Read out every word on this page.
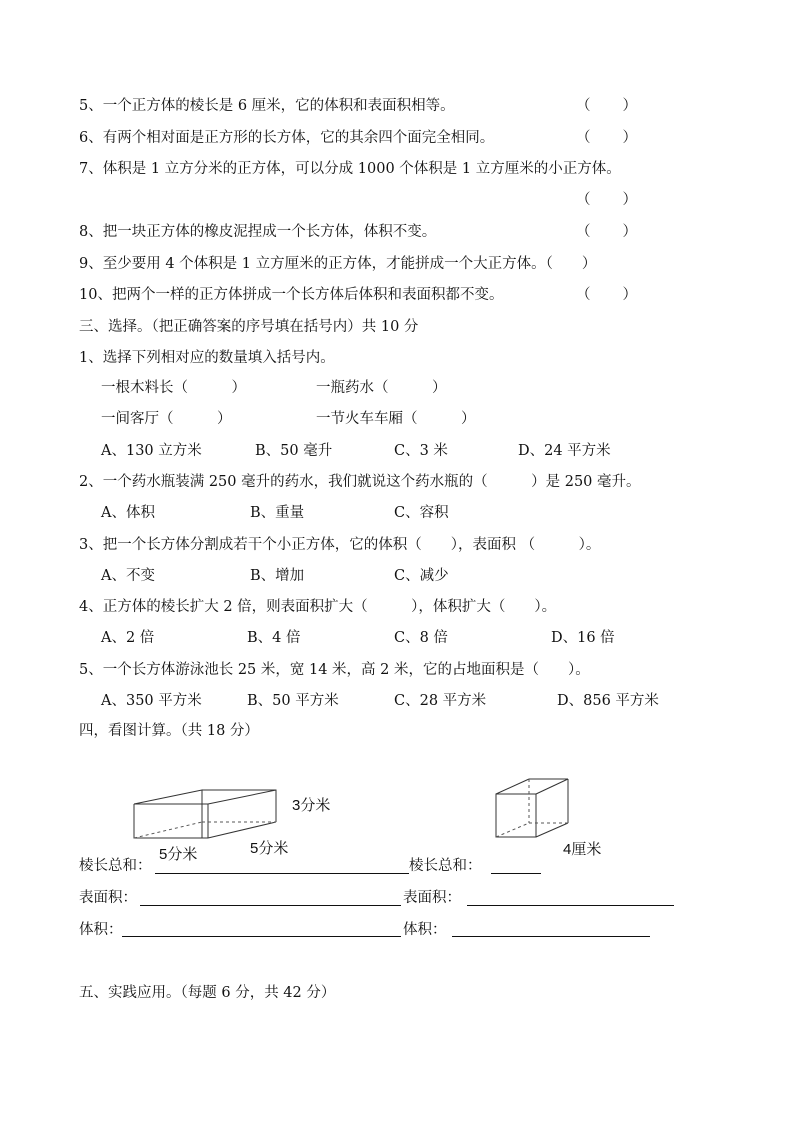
5、一个正方体的棱长是 6 厘米，它的体积和表面积相等。	（　　）
6、有两个相对面是正方形的长方体，它的其余四个面完全相同。	（　　）
7、体积是 1 立方分米的正方体，可以分成 1000 个体积是 1 立方厘米的小正方体。
（　　）
8、把一块正方体的橡皮泥捏成一个长方体，体积不变。	（　　）
9、至少要用 4 个体积是 1 立方厘米的正方体，才能拼成一个大正方体。（　　）
10、把两个一样的正方体拼成一个长方体后体积和表面积都不变。	（　　）
三、选择。（把正确答案的序号填在括号内）共 10 分
1、选择下列相对应的数量填入括号内。
一根木料长（　　　）	一瓶药水（　　　）
一间客厅（　　　）	一节火车车厢（　　　）
A、130 立方米	B、50 毫升	C、3 米	D、24 平方米
2、一个药水瓶装满 250 毫升的药水，我们就说这个药水瓶的（　　　）是 250 毫升。
A、体积	B、重量	C、容积
3、把一个长方体分割成若干个小正方体，它的体积（　　），表面积 （　　　）。
A、不变	B、增加	C、减少
4、正方体的棱长扩大 2 倍，则表面积扩大（　　　），体积扩大（　　）。
A、2 倍	B、4 倍	C、8 倍	D、16 倍
5、一个长方体游泳池长 25 米，宽 14 米，高 2 米，它的占地面积是（　　）。
A、350 平方米	B、50 平方米	C、28 平方米	D、856 平方米
四，看图计算。（共 18 分）
3分米
5分米	5分米	4厘米
棱长总和：	棱长总和：
表面积：	表面积：
体积：	体积：
五、实践应用。（每题 6 分，共 42 分）
